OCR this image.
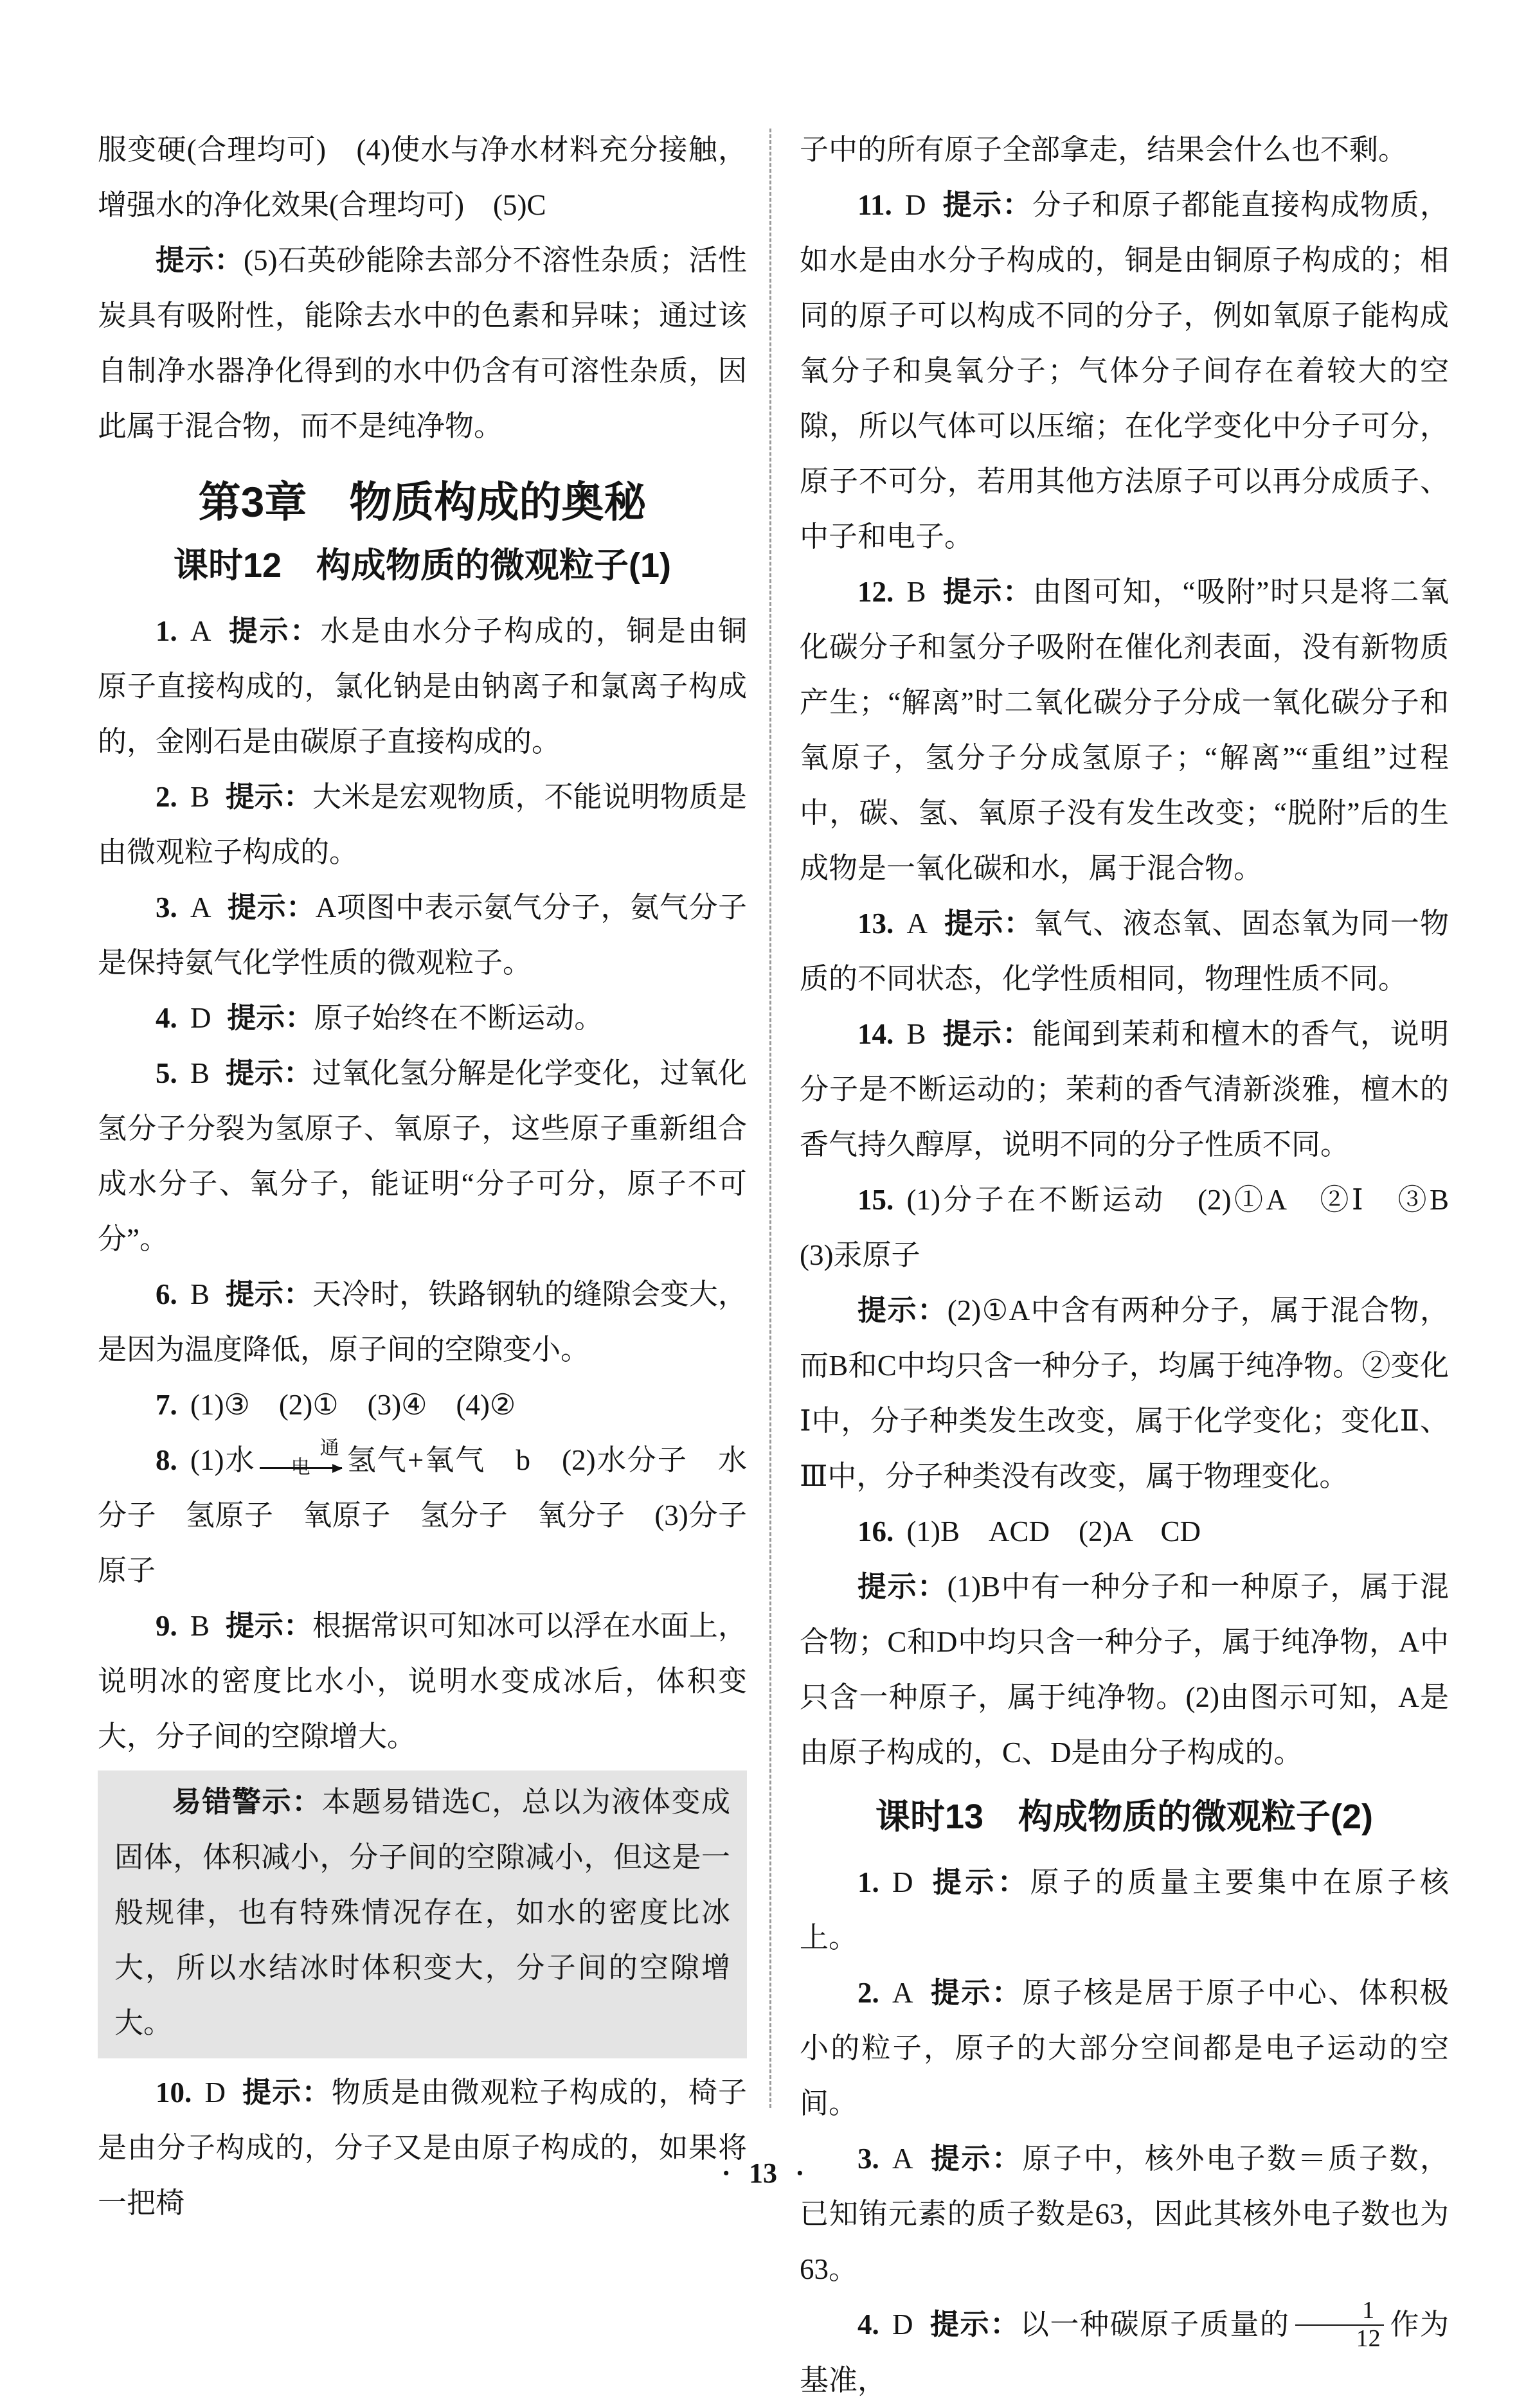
服变硬(合理均可)　(4)使水与净水材料充分接触，增强水的净化效果(合理均可)　(5)C

提示：(5)石英砂能除去部分不溶性杂质；活性炭具有吸附性，能除去水中的色素和异味；通过该自制净水器净化得到的水中仍含有可溶性杂质，因此属于混合物，而不是纯净物。

第3章　物质构成的奥秘
课时12　构成物质的微观粒子(1)

1. A 提示：水是由水分子构成的，铜是由铜原子直接构成的，氯化钠是由钠离子和氯离子构成的，金刚石是由碳原子直接构成的。

2. B 提示：大米是宏观物质，不能说明物质是由微观粒子构成的。

3. A 提示：A项图中表示氨气分子，氨气分子是保持氨气化学性质的微观粒子。

4. D 提示：原子始终在不断运动。

5. B 提示：过氧化氢分解是化学变化，过氧化氢分子分裂为氢原子、氧原子，这些原子重新组合成水分子、氧分子，能证明“分子可分，原子不可分”。

6. B 提示：天冷时，铁路钢轨的缝隙会变大，是因为温度降低，原子间的空隙变小。

7. (1)③　(2)①　(3)④　(4)②

8. (1)水	通电	氢气+氧气　b　(2)水分子　水分子　氢原子　氧原子　氢分子　氧分子　(3)分子　原子

9. B 提示：根据常识可知冰可以浮在水面上，说明冰的密度比水小，说明水变成冰后，体积变大，分子间的空隙增大。

易错警示：本题易错选C，总以为液体变成固体，体积减小，分子间的空隙减小，但这是一般规律，也有特殊情况存在，如水的密度比冰大，所以水结冰时体积变大，分子间的空隙增大。

10. D 提示：物质是由微观粒子构成的，椅子是由分子构成的，分子又是由原子构成的，如果将一把椅

子中的所有原子全部拿走，结果会什么也不剩。

11. D 提示：分子和原子都能直接构成物质，如水是由水分子构成的，铜是由铜原子构成的；相同的原子可以构成不同的分子，例如氧原子能构成氧分子和臭氧分子；气体分子间存在着较大的空隙，所以气体可以压缩；在化学变化中分子可分，原子不可分，若用其他方法原子可以再分成质子、中子和电子。

12. B 提示：由图可知，“吸附”时只是将二氧化碳分子和氢分子吸附在催化剂表面，没有新物质产生；“解离”时二氧化碳分子分成一氧化碳分子和氧原子，氢分子分成氢原子；“解离”“重组”过程中，碳、氢、氧原子没有发生改变；“脱附”后的生成物是一氧化碳和水，属于混合物。

13. A 提示：氧气、液态氧、固态氧为同一物质的不同状态，化学性质相同，物理性质不同。

14. B 提示：能闻到茉莉和檀木的香气，说明分子是不断运动的；茉莉的香气清新淡雅，檀木的香气持久醇厚，说明不同的分子性质不同。

15. (1)分子在不断运动　(2)①A　②Ⅰ　③B　(3)汞原子

提示：(2)①A中含有两种分子，属于混合物，而B和C中均只含一种分子，均属于纯净物。②变化Ⅰ中，分子种类发生改变，属于化学变化；变化Ⅱ、Ⅲ中，分子种类没有改变，属于物理变化。

16. (1)B　ACD　(2)A　CD

提示：(1)B中有一种分子和一种原子，属于混合物；C和D中均只含一种分子，属于纯净物，A中只含一种原子，属于纯净物。(2)由图示可知，A是由原子构成的，C、D是由分子构成的。

课时13　构成物质的微观粒子(2)

1. D 提示：原子的质量主要集中在原子核上。

2. A 提示：原子核是居于原子中心、体积极小的粒子，原子的大部分空间都是电子运动的空间。

3. A 提示：原子中，核外电子数＝质子数，已知铕元素的质子数是63，因此其核外电子数也为63。

4. D 提示：以一种碳原子质量的 $\frac{1}{12}$ 作为基准，

· 13 ·
